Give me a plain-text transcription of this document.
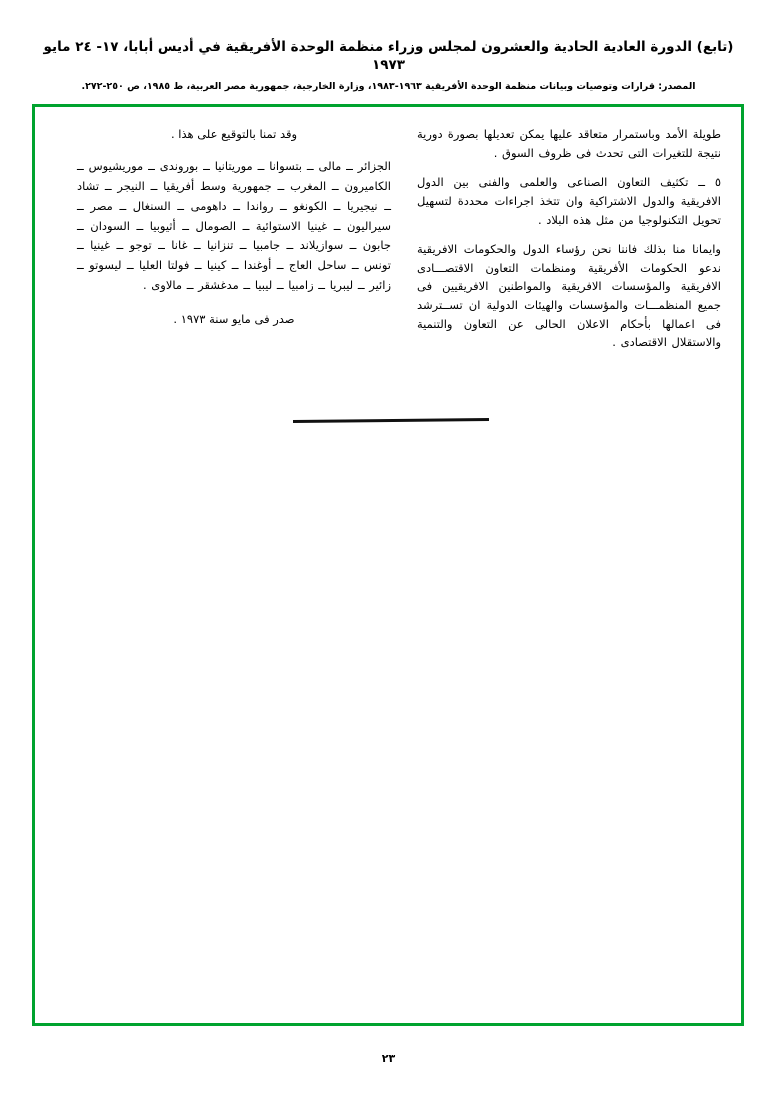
(تابع) الدورة العادية الحادية والعشرون لمجلس وزراء منظمة الوحدة الأفريقية في أديس أبابا، ١٧- ٢٤ مايو ١٩٧٣
المصدر: قرارات وتوصيات وبيانات منظمة الوحدة الأفريقية ١٩٦٣-١٩٨٣، وزارة الخارجية، جمهورية مصر العربية، ط ١٩٨٥، ص ٢٥٠-٢٧٢.

طويلة الأمد وباستمرار متعاقد عليها يمكن تعديلها بصورة دورية نتيجة للتغيرات التى تحدث فى ظروف السوق .

٥ ــ تكثيف التعاون الصناعى والعلمى والفنى بين الدول الافريقية والدول الاشتراكية وان تتخذ اجراءات محددة لتسهيل تحويل التكنولوجيا من مثل هذه البلاد .

وايمانا منا بذلك فاننا نحن رؤساء الدول والحكومات الافريقية ندعو الحكومات الأفريقية ومنظمات التعاون الاقتصـــادى الافريقية والمؤسسات الافريقية والمواطنين الافريقيين فى جميع المنظمـــات والمؤسسات والهيئات الدولية ان تســترشد فى اعمالها بأحكام الاعلان الحالى عن التعاون والتنمية والاستقلال الاقتصادى .

وقد تمنا بالتوقيع على هذا .

الجزائر ــ مالى ــ بتسوانا ــ موريتانيا ــ بوروندى ــ موريشيوس ــ الكاميرون ــ المغرب ــ جمهورية وسط أفريقيا ــ النيجر ــ تشاد ــ نيجيريا ــ الكونغو ــ رواندا ــ داهومى ــ السنغال ــ مصر ــ سيراليون ــ غينيا الاستوائية ــ الصومال ــ أثيوبيا ــ السودان ــ جابون ــ سوازيلاند ــ جامبيا ــ تنزانيا ــ غانا ــ توجو ــ غينيا ــ تونس ــ ساحل العاج ــ أوغندا ــ كينيا ــ فولتا العليا ــ ليسوتو ــ زائير ــ ليبريا ــ زامبيا ــ ليبيا ــ مدغشقر ــ مالاوى .

صدر فى مايو سنة ١٩٧٣ .

٢٣
